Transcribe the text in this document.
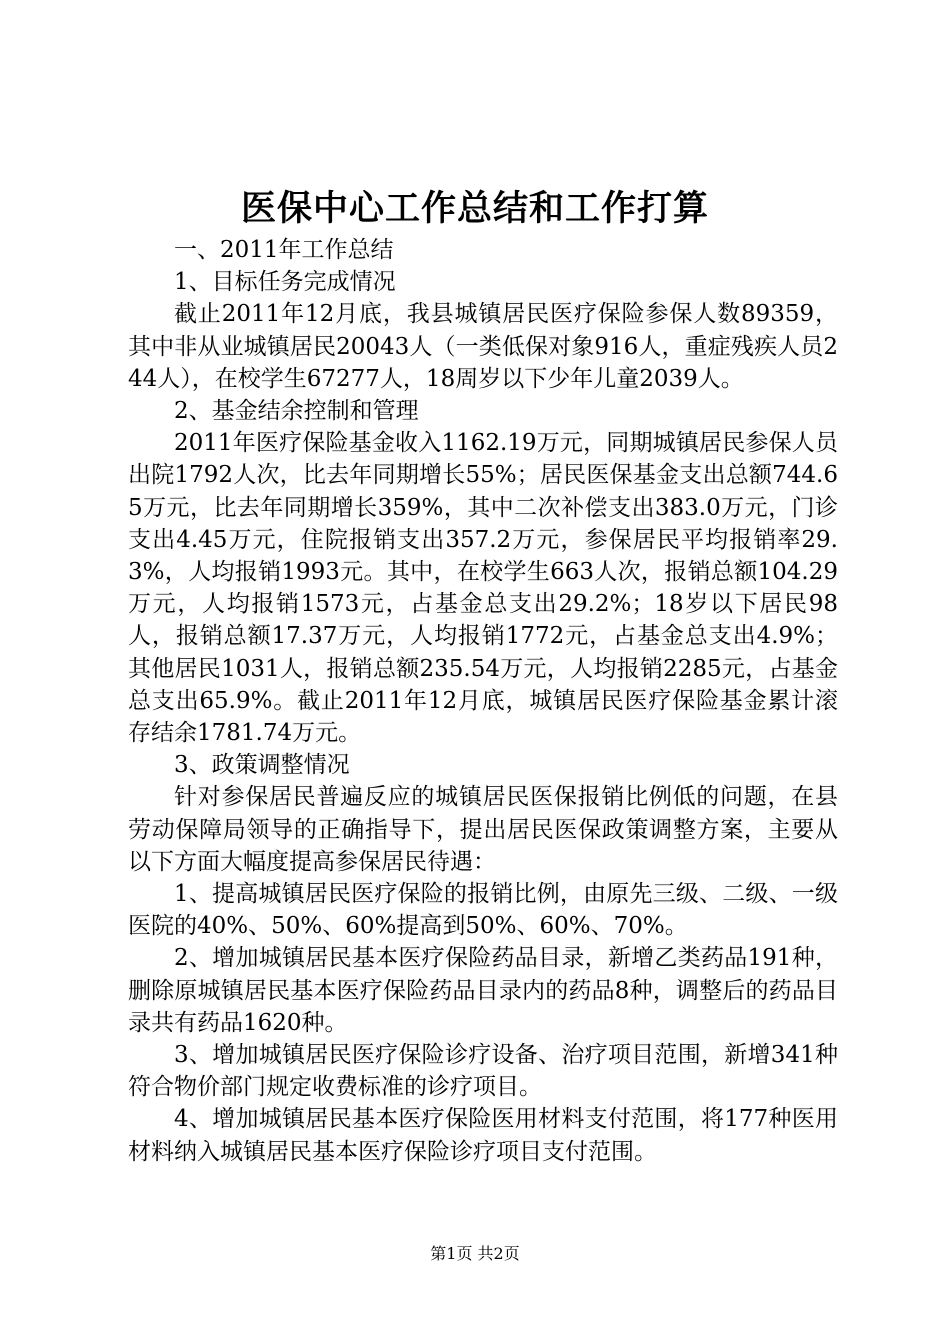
医保中心工作总结和工作打算

一、2011年工作总结

1、目标任务完成情况

截止2011年12月底，我县城镇居民医疗保险参保人数89359，其中非从业城镇居民20043人（一类低保对象916人，重症残疾人员244人），在校学生67277人，18周岁以下少年儿童2039人。

2、基金结余控制和管理

2011年医疗保险基金收入1162.19万元，同期城镇居民参保人员出院1792人次，比去年同期增长55%；居民医保基金支出总额744.65万元，比去年同期增长359%，其中二次补偿支出383.0万元，门诊支出4.45万元，住院报销支出357.2万元，参保居民平均报销率29.3%，人均报销1993元。其中，在校学生663人次，报销总额104.29万元，人均报销1573元，占基金总支出29.2%；18岁以下居民98人，报销总额17.37万元，人均报销1772元，占基金总支出4.9%；其他居民1031人，报销总额235.54万元，人均报销2285元，占基金总支出65.9%。截止2011年12月底，城镇居民医疗保险基金累计滚存结余1781.74万元。

3、政策调整情况

针对参保居民普遍反应的城镇居民医保报销比例低的问题，在县劳动保障局领导的正确指导下，提出居民医保政策调整方案，主要从以下方面大幅度提高参保居民待遇：

1、提高城镇居民医疗保险的报销比例，由原先三级、二级、一级医院的40%、50%、60%提高到50%、60%、70%。

2、增加城镇居民基本医疗保险药品目录，新增乙类药品191种，删除原城镇居民基本医疗保险药品目录内的药品8种，调整后的药品目录共有药品1620种。

3、增加城镇居民医疗保险诊疗设备、治疗项目范围，新增341种符合物价部门规定收费标准的诊疗项目。

4、增加城镇居民基本医疗保险医用材料支付范围，将177种医用材料纳入城镇居民基本医疗保险诊疗项目支付范围。

第1页 共2页
